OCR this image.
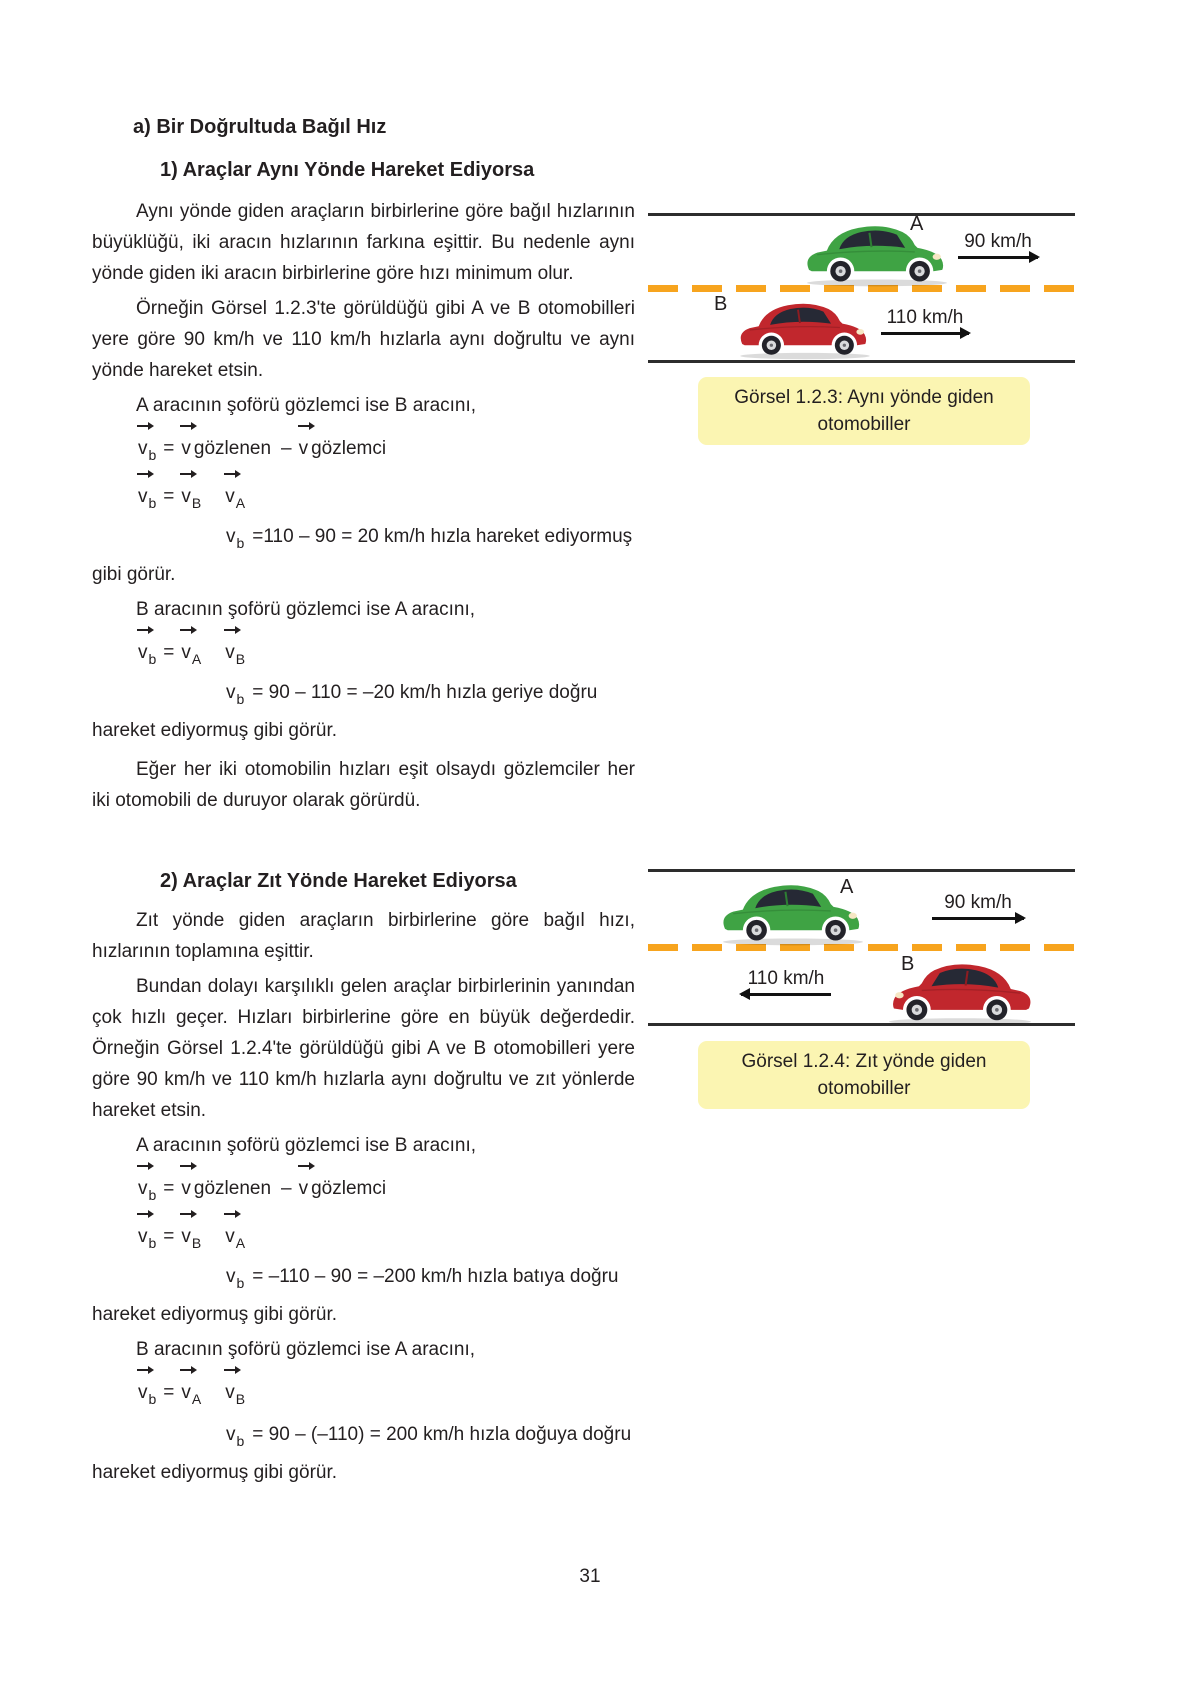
a) Bir Doğrultuda Bağıl Hız

1) Araçlar Aynı Yönde Hareket Ediyorsa

Aynı yönde giden araçların birbirlerine göre bağıl hızlarının büyüklüğü, iki aracın hızlarının farkına eşittir. Bu nedenle aynı yönde giden iki aracın birbirlerine göre hızı minimum olur.

Örneğin Görsel 1.2.3'te görüldüğü gibi A ve B otomobilleri yere göre 90 km/h ve 110 km/h hızlarla aynı doğrultu ve aynı yönde hareket etsin.

A aracının şoförü gözlemci ise B aracını,

$v_b = v$ gözlenen – v gözlemci
$v_b = v_B$ $v_A$

$v_b =110 - 90 = 20$ km/h hızla hareket ediyormuş gibi görür.

B aracının şoförü gözlemci ise A aracını,

$v_b = v_A$ $v_B$

$v_b = 90 - 110 = -20$ km/h hızla geriye doğru hareket ediyormuş gibi görür.

Eğer her iki otomobilin hızları eşit olsaydı gözlemciler her iki otomobili de duruyor olarak görürdü.

2) Araçlar Zıt Yönde Hareket Ediyorsa

Zıt yönde giden araçların birbirlerine göre bağıl hızı, hızlarının toplamına eşittir.

Bundan dolayı karşılıklı gelen araçlar birbirlerinin yanından çok hızlı geçer. Hızları birbirlerine göre en büyük değerdedir. Örneğin Görsel 1.2.4'te görüldüğü gibi A ve B otomobilleri yere göre 90 km/h ve 110 km/h hızlarla aynı doğrultu ve zıt yönlerde hareket etsin.

A aracının şoförü gözlemci ise B aracını,

$v_b = v$ gözlenen – v gözlemci
$v_b = v_B$ $v_A$

$v_b = -110 - 90 = -200$ km/h hızla batıya doğru hareket ediyormuş gibi görür.

B aracının şoförü gözlemci ise A aracını,

$v_b = v_A$ $v_B$

$v_b = 90 - (-110) = 200$ km/h hızla doğuya doğru hareket ediyormuş gibi görür.

A
90 km/h
B
110 km/h
Görsel 1.2.3: Aynı yönde giden otomobiller
A
90 km/h
B
110 km/h
Görsel 1.2.4: Zıt yönde giden otomobiller
31
